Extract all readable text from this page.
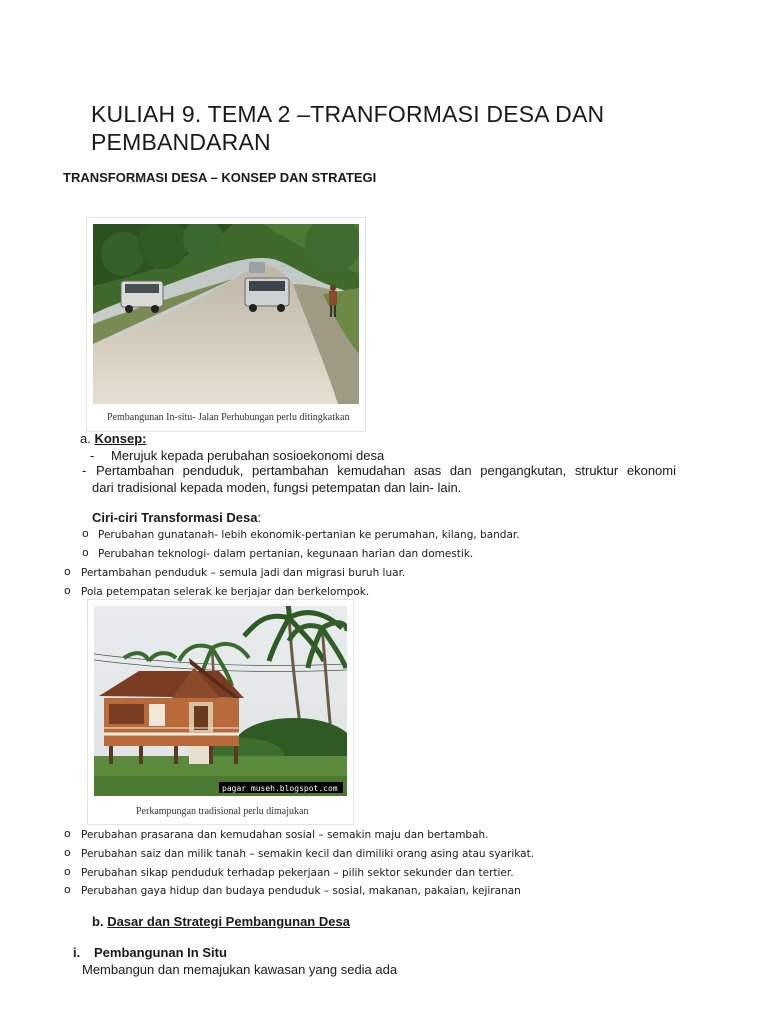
KULIAH 9. TEMA 2 –TRANFORMASI DESA DAN
PEMBANDARAN
TRANSFORMASI DESA – KONSEP DAN STRATEGI
Pembangunan In-situ- Jalan Perhubungan perlu ditingkatkan
a. Konsep:
- Merujuk kepada perubahan sosioekonomi desa
- Pertambahan penduduk, pertambahan kemudahan asas dan pengangkutan, struktur ekonomi
dari tradisional kepada moden, fungsi petempatan dan lain- lain.
Ciri-ciri Transformasi Desa:
o Perubahan gunatanah- lebih ekonomik-pertanian ke perumahan, kilang, bandar.
o Perubahan teknologi- dalam pertanian, kegunaan harian dan domestik.
o Pertambahan penduduk – semula jadi dan migrasi buruh luar.
o Pola petempatan selerak ke berjajar dan berkelompok.
pagar museh.blogspot.com
Perkampungan tradisional perlu dimajukan
o Perubahan prasarana dan kemudahan sosial – semakin maju dan bertambah.
o Perubahan saiz dan milik tanah – semakin kecil dan dimiliki orang asing atau syarikat.
o Perubahan sikap penduduk terhadap pekerjaan – pilih sektor sekunder dan tertier.
o Perubahan gaya hidup dan budaya penduduk – sosial, makanan, pakaian, kejiranan
b. Dasar dan Strategi Pembangunan Desa
i. Pembangunan In Situ
Membangun dan memajukan kawasan yang sedia ada
